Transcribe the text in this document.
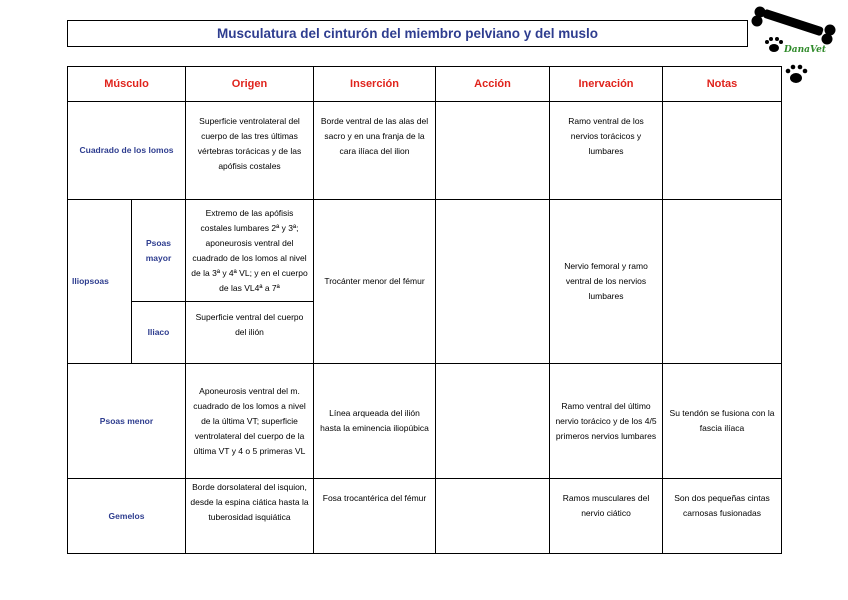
Musculatura del cinturón del miembro pelviano y del muslo
DanaVet
Músculo		Origen	Inserción	Acción	Inervación	Notas
Cuadrado de los lomos		Superficie ventrolateral del cuerpo de las tres últimas vértebras torácicas y de las apófisis costales	Borde ventral de las alas del sacro y en una franja de la cara ilíaca del ilion		Ramo ventral de los nervios torácicos y lumbares	
Iliopsoas	Psoas mayor	Extremo de las apófisis costales lumbares 2ª y 3ª; aponeurosis ventral del cuadrado de los lomos al nivel de la 3ª y 4ª VL; y en el cuerpo de las VL4ª a 7ª	Trocánter menor del fémur		Nervio femoral y ramo ventral de los nervios lumbares	
	Iliaco	Superficie ventral del cuerpo del ilión				
Psoas menor		Aponeurosis ventral del m. cuadrado de los lomos a nivel de la última VT; superficie ventrolateral del cuerpo de la última VT y 4 o 5 primeras VL	Línea arqueada del ilión hasta la eminencia iliopúbica		Ramo ventral del último nervio torácico y de los 4/5 primeros nervios lumbares	Su tendón se fusiona con la fascia ilíaca
Gemelos		Borde dorsolateral del isquion, desde la espina ciática hasta la tuberosidad isquiática	Fosa trocantérica del fémur		Ramos musculares del nervio ciático	Son dos pequeñas cintas carnosas fusionadas
